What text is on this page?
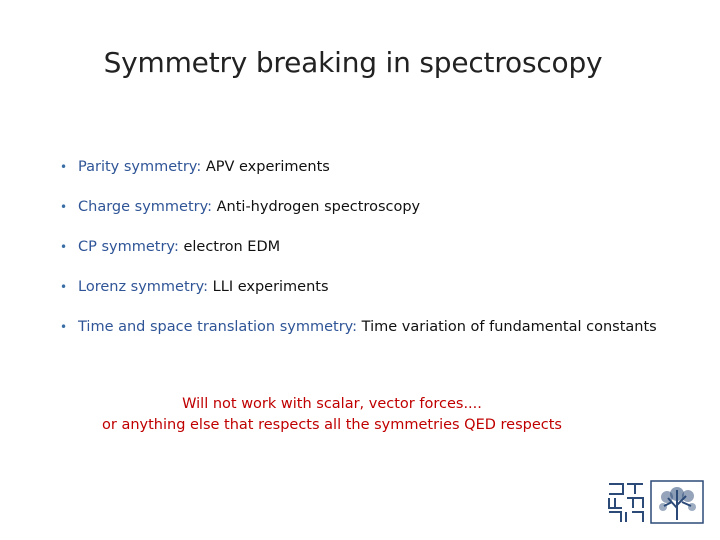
Symmetry breaking in spectroscopy
• Parity symmetry: APV experiments
• Charge symmetry: Anti-hydrogen spectroscopy
• CP symmetry: electron EDM
• Lorenz symmetry: LLI experiments
• Time and space translation symmetry: Time variation of fundamental constants
Will not work with scalar, vector forces....
or anything else that respects all the symmetries QED respects
